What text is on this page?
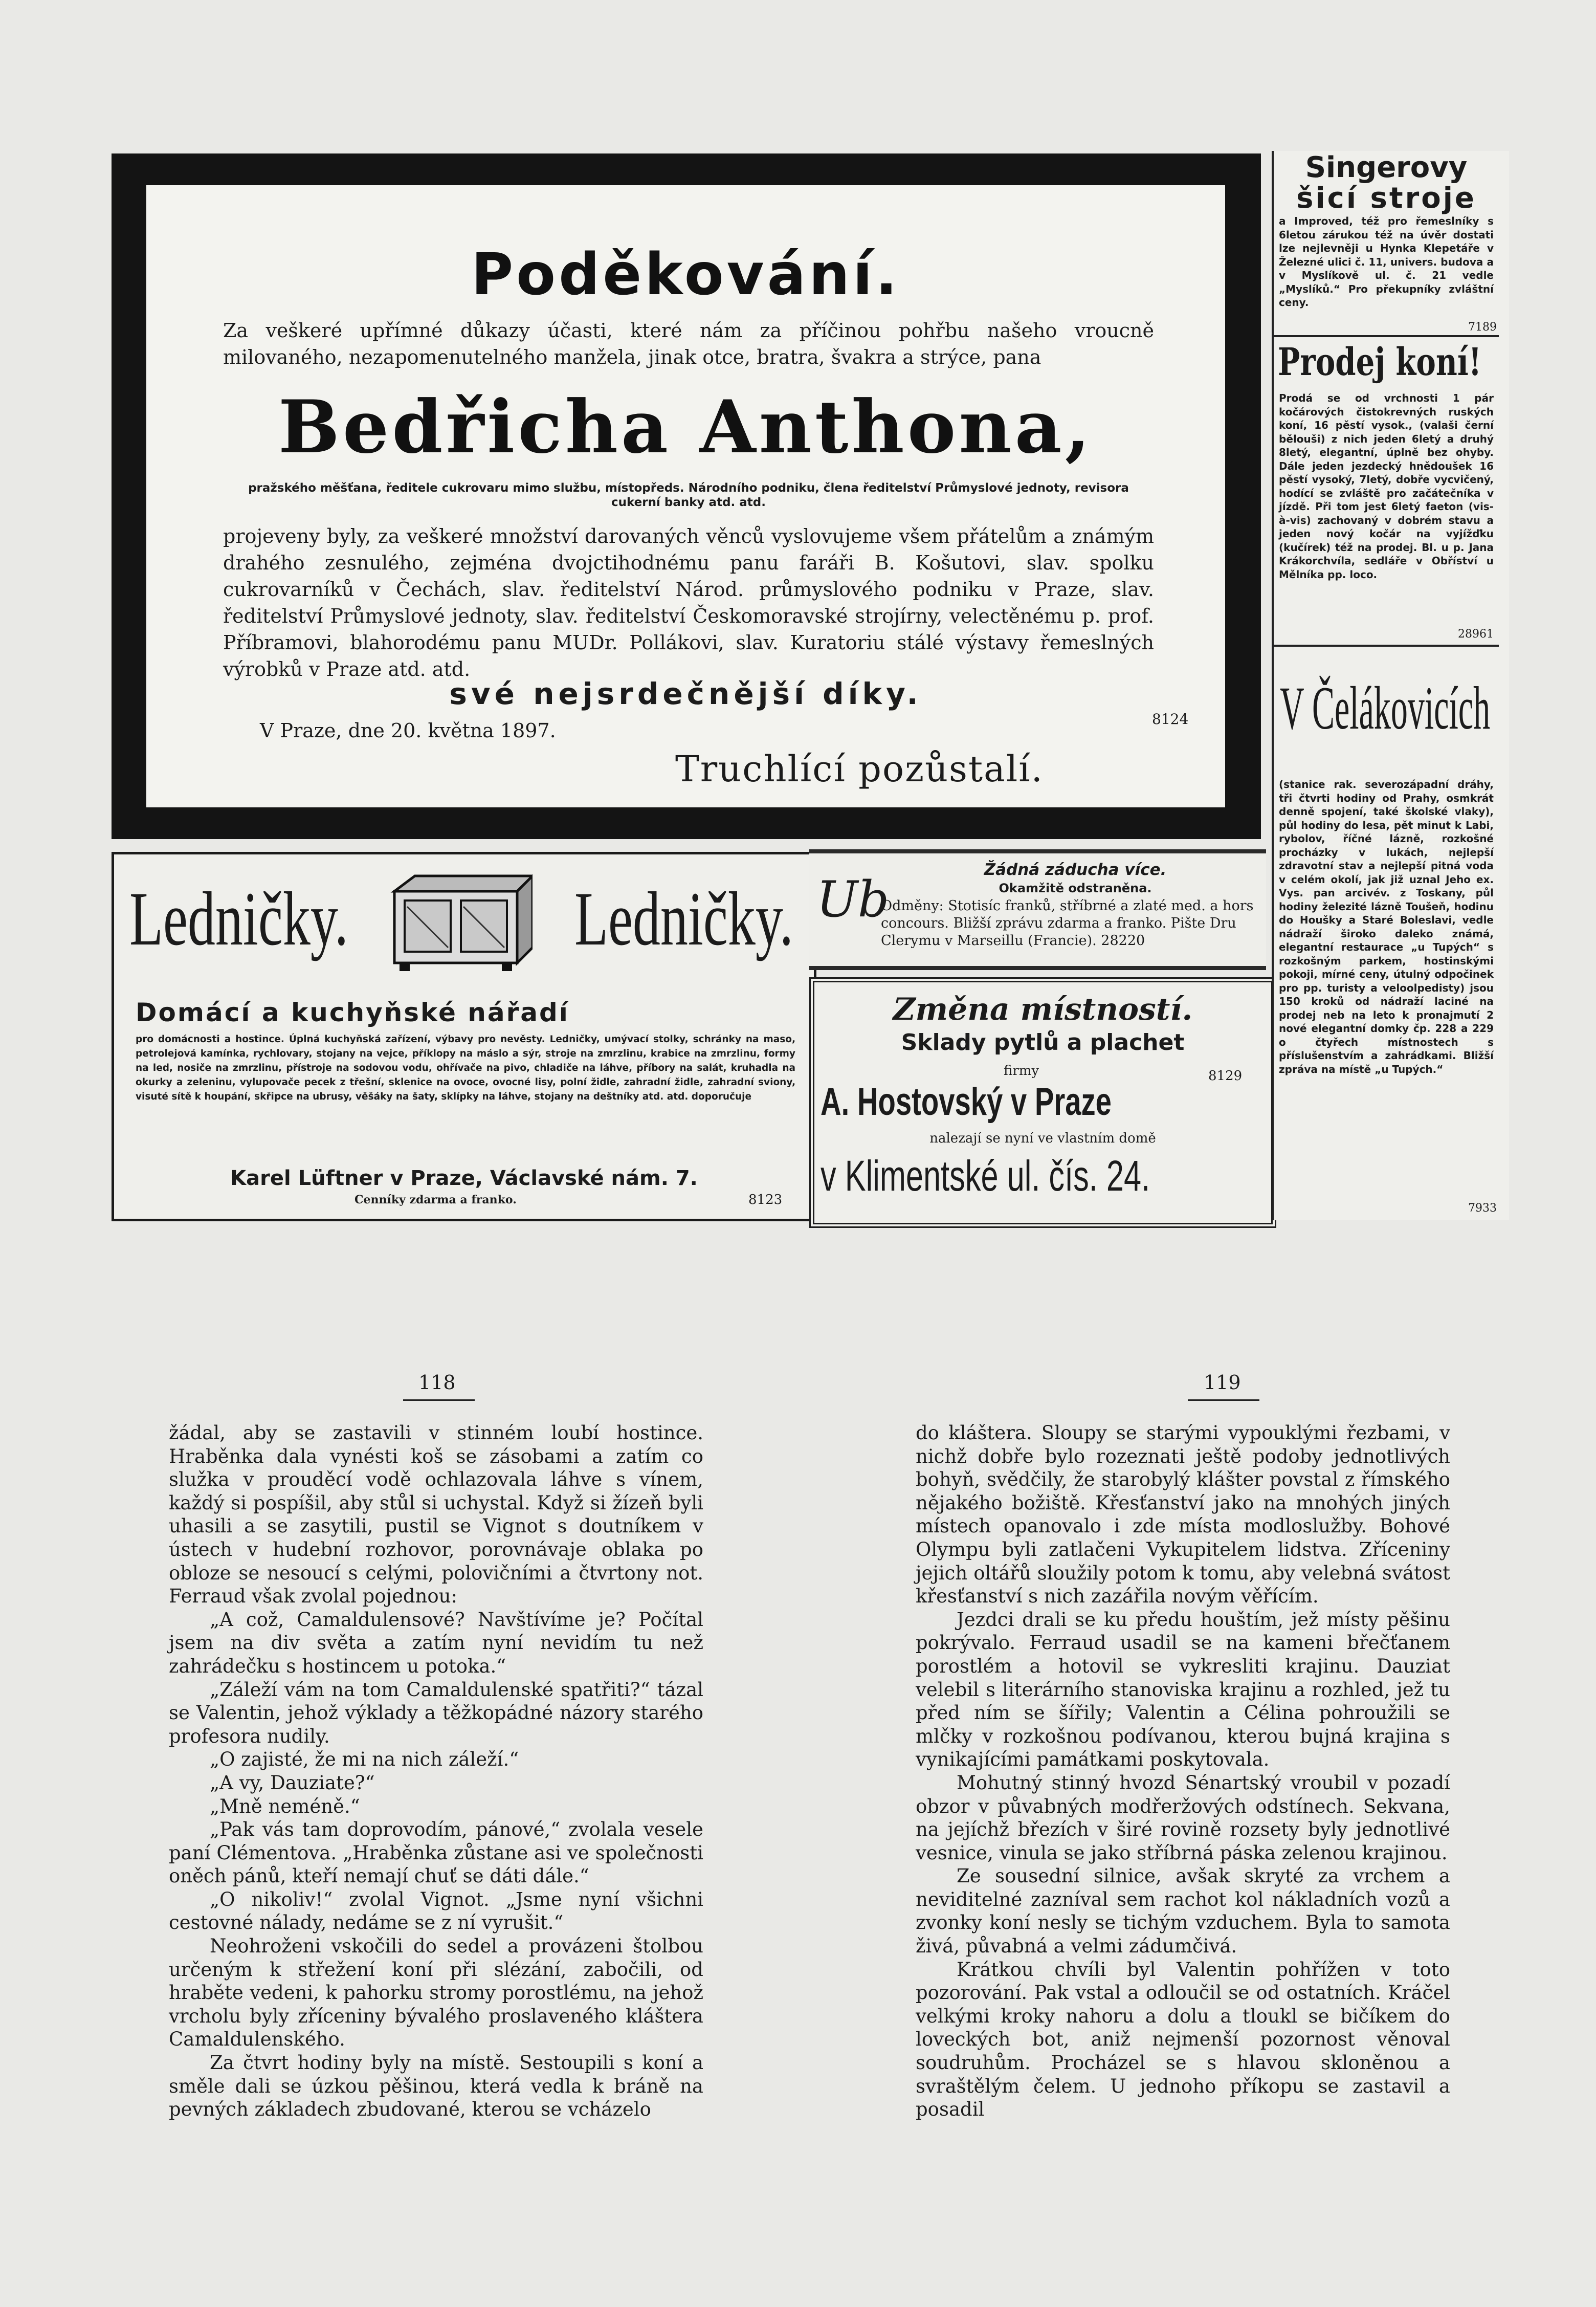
Poděkování.
Za veškeré upřímné důkazy účasti, které nám za příčinou pohřbu našeho vroucně milovaného, nezapomenutelného manžela, jinak otce, bratra, švakra a strýce, pana
Bedřicha Anthona,
pražského měšťana, ředitele cukrovaru mimo službu, místopředs. Národního podniku, člena ředitelství Průmyslové jednoty, revisora cukerní banky atd. atd.
projeveny byly, za veškeré množství darovaných věnců vyslovujeme všem přátelům a známým drahého zesnulého, zejména dvojctihodnému panu faráři B. Košutovi, slav. spolku cukrovarníků v Čechách, slav. ředitelství Národ. průmyslového podniku v Praze, slav. ředitelství Průmyslové jednoty, slav. ředitelství Českomoravské strojírny, velectěnému p. prof. Příbramovi, blahorodému panu MUDr. Pollákovi, slav. Kuratoriu stálé výstavy řemeslných výrobků v Praze atd. atd.
své nejsrdečnější díky.
V Praze, dne 20. května 1897.
8124
Truchlící pozůstalí.
Ledničky.	Ledničky.
Domácí a kuchyňské nářadí
pro domácnosti a hostince. Úplná kuchyňská zařízení, výbavy pro nevěsty. Ledničky, umývací stolky, schránky na maso, petrolejová kamínka, rychlovary, stojany na vejce, příklopy na máslo a sýr, stroje na zmrzlinu, krabice na zmrzlinu, formy na led, nosiče na zmrzlinu, přístroje na sodovou vodu, ohřívače na pivo, chladiče na láhve, příbory na salát, kruhadla na okurky a zeleninu, vylupovače pecek z třešní, sklenice na ovoce, ovocné lisy, polní židle, zahradní židle, zahradní sviony, visuté sítě k houpání, skřipce na ubrusy, věšáky na šaty, sklípky na láhve, stojany na deštníky atd. atd. doporučuje
Karel Lüftner v Praze, Václavské nám. 7.
Cenníky zdarma a franko.	8123
Ub
Žádná záducha více.
Okamžitě odstraněna.
Odměny: Stotisíc franků, stříbrné a zlaté med. a hors concours. Bližší zprávu zdarma a franko. Pište Dru Clerymu v Marseillu (Francie). 28220
Změna místností.
Sklady pytlů a plachet
firmy	8129
A. Hostovský v Praze
nalezají se nyní ve vlastním domě
v Klimentské ul. čís. 24.
Singerovy
šicí stroje
a Improved, též pro řemeslníky s 6letou zárukou též na úvěr dostati lze nejlevněji u Hynka Klepetáře v Železné ulici č. 11, univers. budova a v Myslíkově ul. č. 21 vedle „Myslíků.“ Pro překupníky zvláštní ceny.
7189
Prodej koní!
Prodá se od vrchnosti 1 pár kočárových čistokrevných ruských koní, 16 pěstí vysok., (valaši černí bělouši) z nich jeden 6letý a druhý 8letý, elegantní, úplně bez ohyby. Dále jeden jezdecký hnědoušek 16 pěstí vysoký, 7letý, dobře vycvičený, hodící se zvláště pro začátečníka v jízdě. Při tom jest 6letý faeton (vis-à-vis) zachovaný v dobrém stavu a jeden nový kočár na vyjížďku (kučírek) též na prodej. Bl. u p. Jana Krákorchvíla, sedláře v Obříství u Mělníka pp. loco.
28961
V Čelákovicích
(stanice rak. severozápadní dráhy, tři čtvrti hodiny od Prahy, osmkrát denně spojení, také školské vlaky), půl hodiny do lesa, pět minut k Labi, rybolov, říčné lázně, rozkošné procházky v lukách, nejlepší zdravotní stav a nejlepší pitná voda v celém okolí, jak již uznal Jeho ex. Vys. pan arcivév. z Toskany, půl hodiny železité lázně Toušeň, hodinu do Houšky a Staré Boleslavi, vedle nádraží široko daleko známá, elegantní restaurace „u Tupých“ s rozkošným parkem, hostinskými pokoji, mírné ceny, útulný odpočinek pro pp. turisty a veloolpedisty) jsou 150 kroků od nádraží laciné na prodej neb na leto k pronajmutí 2 nové elegantní domky čp. 228 a 229 o čtyřech místnostech s příslušenstvím a zahrádkami. Bližší zpráva na místě „u Tupých.“
7933
118	119

žádal, aby se zastavili v stinném loubí hostince. Hraběnka dala vynésti koš se zásobami a zatím co služka v prouděcí vodě ochlazovala láhve s vínem, každý si pospíšil, aby stůl si uchystal. Když si žízeň byli uhasili a se zasytili, pustil se Vignot s doutníkem v ústech v hudební rozhovor, porovnávaje oblaka po obloze se nesoucí s celými, polovičními a čtvrtony not. Ferraud však zvolal pojednou:

„A což, Camaldulensové? Navštívíme je? Počítal jsem na div světa a zatím nyní nevidím tu než zahrádečku s hostincem u potoka.“

„Záleží vám na tom Camaldulenské spatřiti?“ tázal se Valentin, jehož výklady a těžkopádné názory starého profesora nudily.

„O zajisté, že mi na nich záleží.“

„A vy, Dauziate?“

„Mně neméně.“

„Pak vás tam doprovodím, pánové,“ zvolala vesele paní Clémentova. „Hraběnka zůstane asi ve společnosti oněch pánů, kteří nemají chuť se dáti dále.“

„O nikoliv!“ zvolal Vignot. „Jsme nyní všichni cestovné nálady, nedáme se z ní vyrušit.“

Neohroženi vskočili do sedel a provázeni štolbou určeným k střežení koní při slézání, zabočili, od hraběte vedeni, k pahorku stromy porostlému, na jehož vrcholu byly zříceniny bývalého proslaveného kláštera Camaldulenského.

Za čtvrt hodiny byly na místě. Sestoupili s koní a směle dali se úzkou pěšinou, která vedla k bráně na pevných základech zbudované, kterou se vcházelo

do kláštera. Sloupy se starými vypouklými řezbami, v nichž dobře bylo rozeznati ještě podoby jednotlivých bohyň, svědčily, že starobylý klášter povstal z římského nějakého božiště. Křesťanství jako na mnohých jiných místech opanovalo i zde místa modloslužby. Bohové Olympu byli zatlačeni Vykupitelem lidstva. Zříceniny jejich oltářů sloužily potom k tomu, aby velebná svátost křesťanství s nich zazářila novým věřícím.

Jezdci drali se ku předu houštím, jež místy pěšinu pokrývalo. Ferraud usadil se na kameni břečťanem porostlém a hotovil se vykresliti krajinu. Dauziat velebil s literárního stanoviska krajinu a rozhled, jež tu před ním se šířily; Valentin a Célina pohroužili se mlčky v rozkošnou podívanou, kterou bujná krajina s vynikajícími památkami poskytovala.

Mohutný stinný hvozd Sénartský vroubil v pozadí obzor v půvabných modřeržových odstínech. Sekvana, na jejíchž březích v širé rovině rozsety byly jednotlivé vesnice, vinula se jako stříbrná páska zelenou krajinou.

Ze sousední silnice, avšak skryté za vrchem a neviditelné zazníval sem rachot kol nákladních vozů a zvonky koní nesly se tichým vzduchem. Byla to samota živá, půvabná a velmi zádumčivá.

Krátkou chvíli byl Valentin pohřížen v toto pozorování. Pak vstal a odloučil se od ostatních. Kráčel velkými kroky nahoru a dolu a tloukl se bičíkem do loveckých bot, aniž nejmenší pozornost věnoval soudruhům. Procházel se s hlavou skloněnou a svraštělým čelem. U jednoho příkopu se zastavil a posadil
